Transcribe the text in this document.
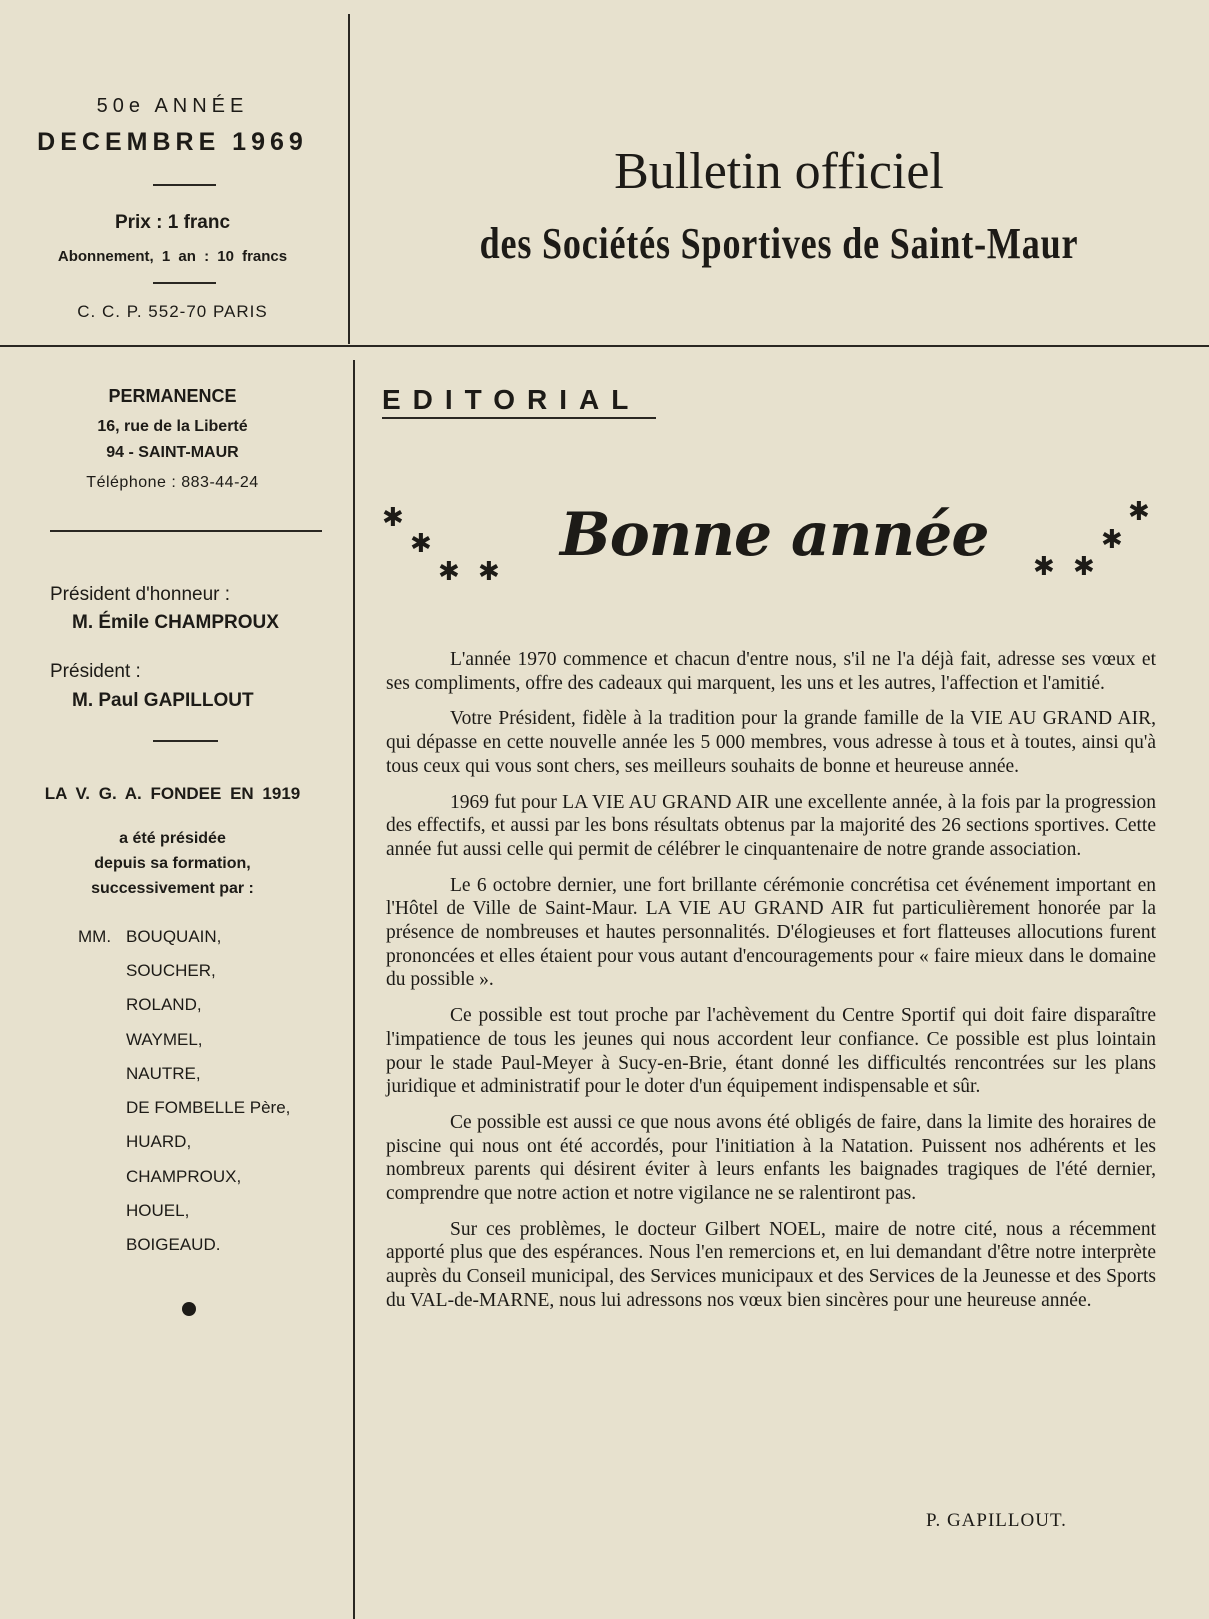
50e ANNÉE
DECEMBRE 1969
Prix : 1 franc
Abonnement, 1 an : 10 francs
C. C. P. 552-70 PARIS
Bulletin officiel
des Sociétés Sportives de Saint-Maur
PERMANENCE
16, rue de la Liberté
94 - SAINT-MAUR
Téléphone : 883-44-24
Président d'honneur :
M. Émile CHAMPROUX
Président :
M. Paul GAPILLOUT
LA V. G. A. FONDEE EN 1919
a été présidée
depuis sa formation,
successivement par :
MM. BOUQUAIN,
SOUCHER,
ROLAND,
WAYMEL,
NAUTRE,
DE FOMBELLE Père,
HUARD,
CHAMPROUX,
HOUEL,
BOIGEAUD.
EDITORIAL
✱
✱
✱ ✱
Bonne année ✱ ✱
✱
✱

L'année 1970 commence et chacun d'entre nous, s'il ne l'a déjà fait, adresse ses vœux et ses compliments, offre des cadeaux qui marquent, les uns et les autres, l'affection et l'amitié.

Votre Président, fidèle à la tradition pour la grande famille de la VIE AU GRAND AIR, qui dépasse en cette nouvelle année les 5 000 membres, vous adresse à tous et à toutes, ainsi qu'à tous ceux qui vous sont chers, ses meilleurs souhaits de bonne et heureuse année.

1969 fut pour LA VIE AU GRAND AIR une excellente année, à la fois par la progression des effectifs, et aussi par les bons résultats obtenus par la majorité des 26 sections sportives. Cette année fut aussi celle qui permit de célébrer le cinquantenaire de notre grande association.

Le 6 octobre dernier, une fort brillante cérémonie concrétisa cet événement important en l'Hôtel de Ville de Saint-Maur. LA VIE AU GRAND AIR fut particulièrement honorée par la présence de nombreuses et hautes personnalités. D'élogieuses et fort flatteuses allocutions furent prononcées et elles étaient pour vous autant d'encouragements pour « faire mieux dans le domaine du possible ».

Ce possible est tout proche par l'achèvement du Centre Sportif qui doit faire disparaître l'impatience de tous les jeunes qui nous accordent leur confiance. Ce possible est plus lointain pour le stade Paul-Meyer à Sucy-en-Brie, étant donné les difficultés rencontrées sur les plans juridique et administratif pour le doter d'un équipement indispensable et sûr.

Ce possible est aussi ce que nous avons été obligés de faire, dans la limite des horaires de piscine qui nous ont été accordés, pour l'initiation à la Natation. Puissent nos adhérents et les nombreux parents qui désirent éviter à leurs enfants les baignades tragiques de l'été dernier, comprendre que notre action et notre vigilance ne se ralentiront pas.

Sur ces problèmes, le docteur Gilbert NOEL, maire de notre cité, nous a récemment apporté plus que des espérances. Nous l'en remercions et, en lui demandant d'être notre interprète auprès du Conseil municipal, des Services municipaux et des Services de la Jeunesse et des Sports du VAL-de-MARNE, nous lui adressons nos vœux bien sincères pour une heureuse année.

P. GAPILLOUT.
